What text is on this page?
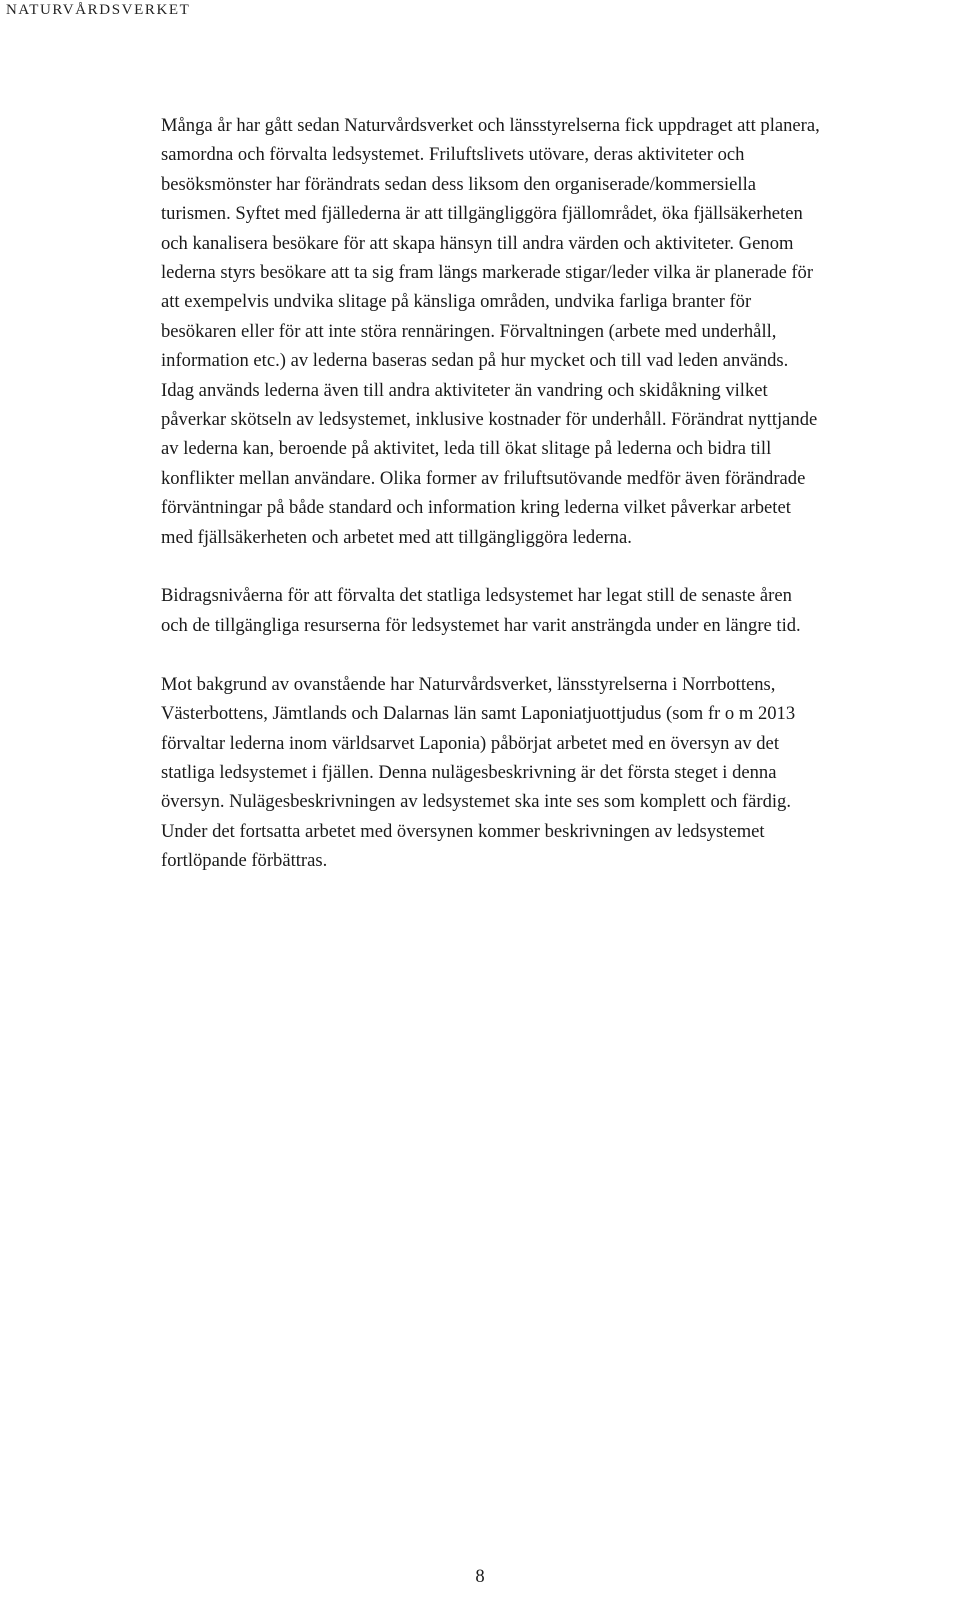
NATURVÅRDSVERKET

Många år har gått sedan Naturvårdsverket och länsstyrelserna fick uppdraget att planera,
samordna och förvalta ledsystemet. Friluftslivets utövare, deras aktiviteter och
besöksmönster har förändrats sedan dess liksom den organiserade/kommersiella
turismen. Syftet med fjällederna är att tillgängliggöra fjällområdet, öka fjällsäkerheten
och kanalisera besökare för att skapa hänsyn till andra värden och aktiviteter. Genom
lederna styrs besökare att ta sig fram längs markerade stigar/leder vilka är planerade för
att exempelvis undvika slitage på känsliga områden, undvika farliga branter för
besökaren eller för att inte störa rennäringen. Förvaltningen (arbete med underhåll,
information etc.) av lederna baseras sedan på hur mycket och till vad leden används.
Idag används lederna även till andra aktiviteter än vandring och skidåkning vilket
påverkar skötseln av ledsystemet, inklusive kostnader för underhåll. Förändrat nyttjande
av lederna kan, beroende på aktivitet, leda till ökat slitage på lederna och bidra till
konflikter mellan användare. Olika former av friluftsutövande medför även förändrade
förväntningar på både standard och information kring lederna vilket påverkar arbetet
med fjällsäkerheten och arbetet med att tillgängliggöra lederna.

Bidragsnivåerna för att förvalta det statliga ledsystemet har legat still de senaste åren
och de tillgängliga resurserna för ledsystemet har varit ansträngda under en längre tid.

Mot bakgrund av ovanstående har Naturvårdsverket, länsstyrelserna i Norrbottens,
Västerbottens, Jämtlands och Dalarnas län samt Laponiatjuottjudus (som fr o m 2013
förvaltar lederna inom världsarvet Laponia) påbörjat arbetet med en översyn av det
statliga ledsystemet i fjällen. Denna nulägesbeskrivning är det första steget i denna
översyn. Nulägesbeskrivningen av ledsystemet ska inte ses som komplett och färdig.
Under det fortsatta arbetet med översynen kommer beskrivningen av ledsystemet
fortlöpande förbättras.

8
